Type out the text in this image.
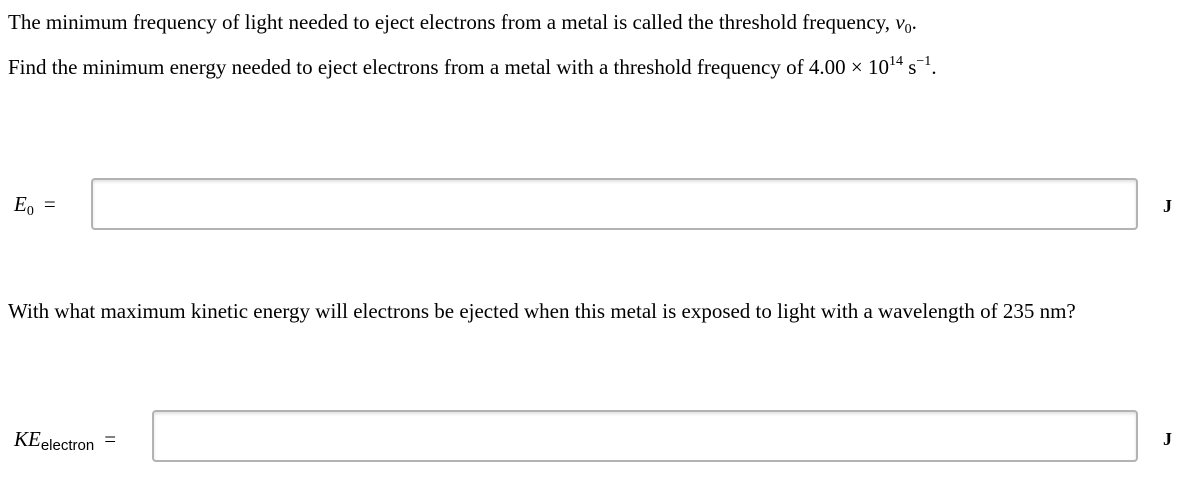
The minimum frequency of light needed to eject electrons from a metal is called the threshold frequency, $\nu_0$.
Find the minimum energy needed to eject electrons from a metal with a threshold frequency of $4.00 \times 10^{14}$ $s^{-1}$.
$E_0$ =	J
With what maximum kinetic energy will electrons be ejected when this metal is exposed to light with a wavelength of 235 nm?
KEelectron =	J
